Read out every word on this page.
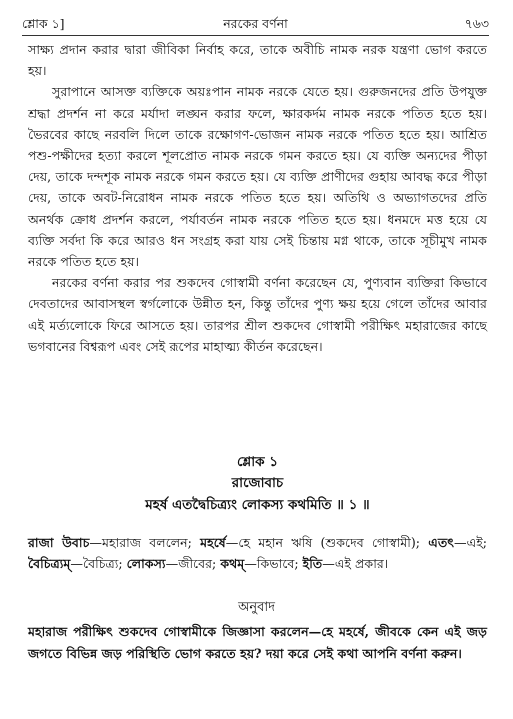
শ্লোক ১]	নরকের বর্ণনা	৭৬৩

সাক্ষ্য প্রদান করার দ্বারা জীবিকা নির্বাহ করে, তাকে অবীচি নামক নরক যন্ত্রণা ভোগ করতে হয়।

সুরাপানে আসক্ত ব্যক্তিকে অয়ঃপান নামক নরকে যেতে হয়। গুরুজনদের প্রতি উপযুক্ত শ্রদ্ধা প্রদর্শন না করে মর্যাদা লঙ্ঘন করার ফলে, ক্ষারকর্দম নামক নরকে পতিত হতে হয়। ভৈরবের কাছে নরবলি দিলে তাকে রক্ষোগণ-ভোজন নামক নরকে পতিত হতে হয়। আশ্রিত পশু-পক্ষীদের হত্যা করলে শূলপ্রোত নামক নরকে গমন করতে হয়। যে ব্যক্তি অন্যদের পীড়া দেয়, তাকে দন্দশূক নামক নরকে গমন করতে হয়। যে ব্যক্তি প্রাণীদের গুহায় আবদ্ধ করে পীড়া দেয়, তাকে অবট-নিরোধন নামক নরকে পতিত হতে হয়। অতিথি ও অভ্যাগতদের প্রতি অনর্থক ক্রোধ প্রদর্শন করলে, পর্যাবর্তন নামক নরকে পতিত হতে হয়। ধনমদে মত্ত হয়ে যে ব্যক্তি সর্বদা কি করে আরও ধন সংগ্রহ করা যায় সেই চিন্তায় মগ্ন থাকে, তাকে সূচীমুখ নামক নরকে পতিত হতে হয়।

নরকের বর্ণনা করার পর শুকদেব গোস্বামী বর্ণনা করেছেন যে, পুণ্যবান ব্যক্তিরা কিভাবে দেবতাদের আবাসস্থল স্বর্গলোকে উন্নীত হন, কিন্তু তাঁদের পুণ্য ক্ষয় হয়ে গেলে তাঁদের আবার এই মর্ত্যলোকে ফিরে আসতে হয়। তারপর শ্রীল শুকদেব গোস্বামী পরীক্ষিৎ মহারাজের কাছে ভগবানের বিশ্বরূপ এবং সেই রূপের মাহাত্ম্য কীর্তন করেছেন।

শ্লোক ১
রাজোবাচ
মহর্ষ এতদ্বৈচিত্র্যং লোকস্য কথমিতি ॥ ১ ॥
রাজা উবাচ—মহারাজ বললেন; মহর্ষে—হে মহান ঋষি (শুকদেব গোস্বামী); এতৎ—এই; বৈচিত্র্যম্—বৈচিত্র্য; লোকস্য—জীবের; কথম্—কিভাবে; ইতি—এই প্রকার।
অনুবাদ
মহারাজ পরীক্ষিৎ শুকদেব গোস্বামীকে জিজ্ঞাসা করলেন—হে মহর্ষে, জীবকে কেন এই জড় জগতে বিভিন্ন জড় পরিস্থিতি ভোগ করতে হয়? দয়া করে সেই কথা আপনি বর্ণনা করুন।
